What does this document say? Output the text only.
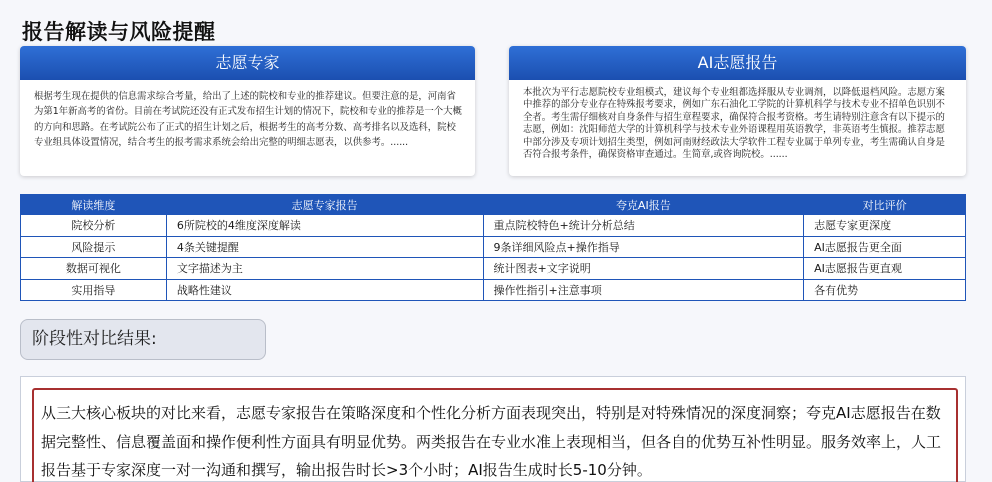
报告解读与风险提醒
志愿专家
根据考生现在提供的信息需求综合考量，给出了上述的院校和专业的推荐建议。但要注意的是，河南省为第1年新高考的省份。目前在考试院还没有正式发布招生计划的情况下，院校和专业的推荐是一个大概的方向和思路。在考试院公布了正式的招生计划之后，根据考生的高考分数、高考排名以及选科，院校专业组具体设置情况，结合考生的报考需求系统会给出完整的明细志愿表，以供参考。......
AI志愿报告
本批次为平行志愿院校专业组模式，建议每个专业组都选择服从专业调剂，以降低退档风险。志愿方案中推荐的部分专业存在特殊报考要求，例如广东石油化工学院的计算机科学与技术专业不招单色识别不全者。考生需仔细核对自身条件与招生章程要求，确保符合报考资格。考生请特别注意含有以下提示的志愿，例如：沈阳师范大学的计算机科学与技术专业外语课程用英语教学，非英语考生慎报。推荐志愿中部分涉及专项计划招生类型，例如河南财经政法大学软件工程专业属于单列专业，考生需确认自身是否符合报考条件，确保资格审查通过。生简章,或咨询院校。......
解读维度	志愿专家报告	夸克AI报告	对比评价
院校分析	6所院校的4维度深度解读	重点院校特色+统计分析总结	志愿专家更深度
风险提示	4条关键提醒	9条详细风险点+操作指导	AI志愿报告更全面
数据可视化	文字描述为主	统计图表+文字说明	AI志愿报告更直观
实用指导	战略性建议	操作性指引+注意事项	各有优势
阶段性对比结果:
从三大核心板块的对比来看，志愿专家报告在策略深度和个性化分析方面表现突出，特别是对特殊情况的深度洞察；夸克AI志愿报告在数据完整性、信息覆盖面和操作便利性方面具有明显优势。两类报告在专业水准上表现相当，但各自的优势互补性明显。服务效率上，人工报告基于专家深度一对一沟通和撰写，输出报告时长>3个小时；AI报告生成时长5-10分钟。
